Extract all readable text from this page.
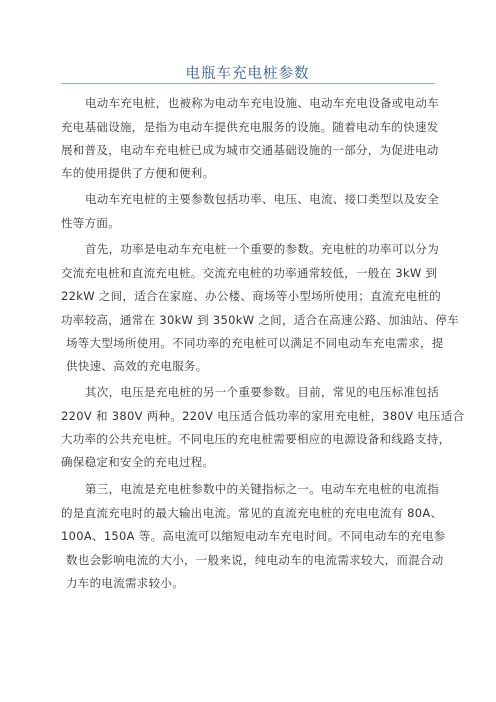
电瓶车充电桩参数
电动车充电桩，也被称为电动车充电设施、电动车充电设备或电动车
充电基础设施，是指为电动车提供充电服务的设施。随着电动车的快速发
展和普及，电动车充电桩已成为城市交通基础设施的一部分，为促进电动
车的使用提供了方便和便利。
电动车充电桩的主要参数包括功率、电压、电流、接口类型以及安全
性等方面。
首先，功率是电动车充电桩一个重要的参数。充电桩的功率可以分为
交流充电桩和直流充电桩。交流充电桩的功率通常较低，一般在 3kW 到
22kW 之间，适合在家庭、办公楼、商场等小型场所使用；直流充电桩的
功率较高，通常在 30kW 到 350kW 之间，适合在高速公路、加油站、停车
场等大型场所使用。不同功率的充电桩可以满足不同电动车充电需求，提
供快速、高效的充电服务。
其次，电压是充电桩的另一个重要参数。目前，常见的电压标准包括
220V 和 380V 两种。220V 电压适合低功率的家用充电桩，380V 电压适合
大功率的公共充电桩。不同电压的充电桩需要相应的电源设备和线路支持，
确保稳定和安全的充电过程。
第三，电流是充电桩参数中的关键指标之一。电动车充电桩的电流指
的是直流充电时的最大输出电流。常见的直流充电桩的充电电流有 80A、
100A、150A 等。高电流可以缩短电动车充电时间。不同电动车的充电参
数也会影响电流的大小，一般来说，纯电动车的电流需求较大，而混合动
力车的电流需求较小。
